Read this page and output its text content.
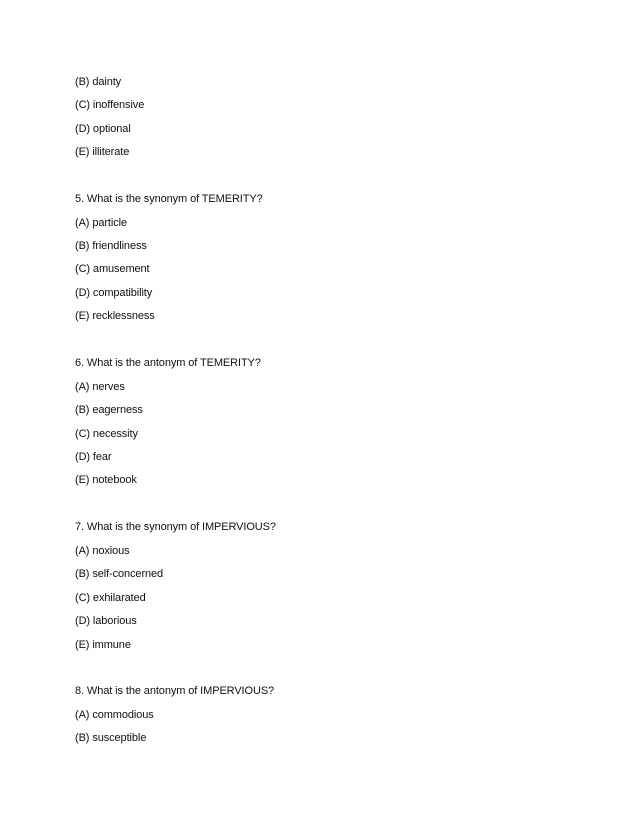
(B) dainty
(C) inoffensive
(D) optional
(E) illiterate
5. What is the synonym of TEMERITY?
(A) particle
(B) friendliness
(C) amusement
(D) compatibility
(E) recklessness
6. What is the antonym of TEMERITY?
(A) nerves
(B) eagerness
(C) necessity
(D) fear
(E) notebook
7. What is the synonym of IMPERVIOUS?
(A) noxious
(B) self-concerned
(C) exhilarated
(D) laborious
(E) immune
8. What is the antonym of IMPERVIOUS?
(A) commodious
(B) susceptible
